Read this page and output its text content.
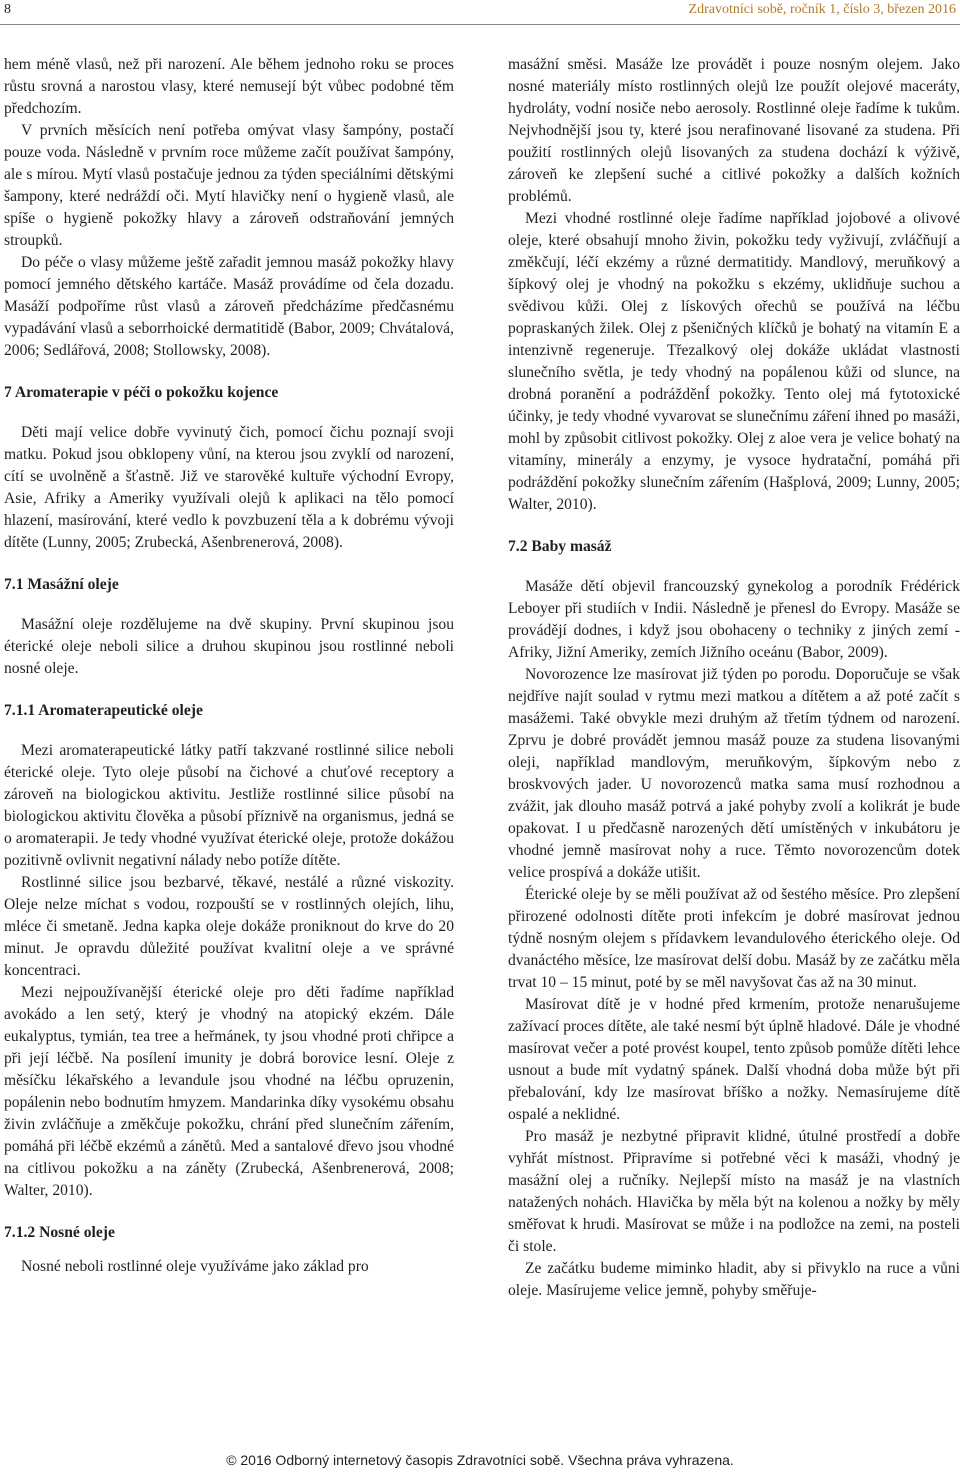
8	Zdravotníci sobě, ročník 1, číslo 3, březen 2016

hem méně vlasů, než při narození. Ale během jednoho roku se proces růstu srovná a narostou vlasy, které nemusejí být vůbec podobné těm předchozím.

V prvních měsících není potřeba omývat vlasy šampóny, postačí pouze voda. Následně v prvním roce můžeme začít používat šampóny, ale s mírou. Mytí vlasů postačuje jednou za týden speciálními dětskými šampony, které nedráždí oči. Mytí hlavičky není o hygieně vlasů, ale spíše o hygieně pokožky hlavy a zároveň odstraňování jemných stroupků.

Do péče o vlasy můžeme ještě zařadit jemnou masáž pokožky hlavy pomocí jemného dětského kartáče. Masáž provádíme od čela dozadu. Masáží podpoříme růst vlasů a zároveň předcházíme předčasnému vypadávání vlasů a seborrhoické dermatitidě (Babor, 2009; Chvátalová, 2006; Sedlářová, 2008; Stollowsky, 2008).

7 Aromaterapie v péči o pokožku kojence

Děti mají velice dobře vyvinutý čich, pomocí čichu poznají svoji matku. Pokud jsou obklopeny vůní, na kterou jsou zvyklí od narození, cítí se uvolněně a šťastně. Již ve starověké kultuře východní Evropy, Asie, Afriky a Ameriky využívali olejů k aplikaci na tělo pomocí hlazení, masírování, které vedlo k povzbuzení těla a k dobrému vývoji dítěte (Lunny, 2005; Zrubecká, Ašenbrenerová, 2008).

7.1 Masážní oleje

Masážní oleje rozdělujeme na dvě skupiny. První skupinou jsou éterické oleje neboli silice a druhou skupinou jsou rostlinné neboli nosné oleje.

7.1.1 Aromaterapeutické oleje

Mezi aromaterapeutické látky patří takzvané rostlinné silice neboli éterické oleje. Tyto oleje působí na čichové a chuťové receptory a zároveň na biologickou aktivitu. Jestliže rostlinné silice působí na biologickou aktivitu člověka a působí příznivě na organismus, jedná se o aromaterapii. Je tedy vhodné využívat éterické oleje, protože dokážou pozitivně ovlivnit negativní nálady nebo potíže dítěte.

Rostlinné silice jsou bezbarvé, těkavé, nestálé a různé viskozity. Oleje nelze míchat s vodou, rozpouští se v rostlinných olejích, lihu, mléce či smetaně. Jedna kapka oleje dokáže proniknout do krve do 20 minut. Je opravdu důležité používat kvalitní oleje a ve správné koncentraci.

Mezi nejpoužívanější éterické oleje pro děti řadíme například avokádo a len setý, který je vhodný na atopický ekzém. Dále eukalyptus, tymián, tea tree a heřmánek, ty jsou vhodné proti chřipce a při její léčbě. Na posílení imunity je dobrá borovice lesní. Oleje z měsíčku lékařského a levandule jsou vhodné na léčbu opruzenin, popálenin nebo bodnutím hmyzem. Mandarinka díky vysokému obsahu živin zvláčňuje a změkčuje pokožku, chrání před slunečním zářením, pomáhá při léčbě ekzémů a zánětů. Med a santalové dřevo jsou vhodné na citlivou pokožku a na záněty (Zrubecká, Ašenbrenerová, 2008; Walter, 2010).

7.1.2 Nosné oleje

Nosné neboli rostlinné oleje využíváme jako základ pro

masážní směsi. Masáže lze provádět i pouze nosným olejem. Jako nosné materiály místo rostlinných olejů lze použít olejové maceráty, hydroláty, vodní nosiče nebo aerosoly. Rostlinné oleje řadíme k tukům. Nejvhodnější jsou ty, které jsou nerafinované lisované za studena. Při použití rostlinných olejů lisovaných za studena dochází k výživě, zároveň ke zlepšení suché a citlivé pokožky a dalších kožních problémů.

Mezi vhodné rostlinné oleje řadíme například jojobové a olivové oleje, které obsahují mnoho živin, pokožku tedy vyživují, zvláčňují a změkčují, léčí ekzémy a různé dermatitidy. Mandlový, meruňkový a šípkový olej je vhodný na pokožku s ekzémy, uklidňuje suchou a svědivou kůži. Olej z lískových ořechů se používá na léčbu popraskaných žilek. Olej z pšeničných klíčků je bohatý na vitamín E a intenzivně regeneruje. Třezalkový olej dokáže ukládat vlastnosti slunečního světla, je tedy vhodný na popálenou kůži od slunce, na drobná poranění a podrážděnÍ pokožky. Tento olej má fytotoxické účinky, je tedy vhodné vyvarovat se slunečnímu záření ihned po masáži, mohl by způsobit citlivost pokožky. Olej z aloe vera je velice bohatý na vitamíny, minerály a enzymy, je vysoce hydratační, pomáhá při podráždění pokožky slunečním zářením (Hašplová, 2009; Lunny, 2005; Walter, 2010).

7.2 Baby masáž

Masáže dětí objevil francouzský gynekolog a porodník Frédérick Leboyer při studiích v Indii. Následně je přenesl do Evropy. Masáže se provádějí dodnes, i když jsou obohaceny o techniky z jiných zemí - Afriky, Jižní Ameriky, zemích Jižního oceánu (Babor, 2009).

Novorozence lze masírovat již týden po porodu. Doporučuje se však nejdříve najít soulad v rytmu mezi matkou a dítětem a až poté začít s masážemi. Také obvykle mezi druhým až třetím týdnem od narození. Zprvu je dobré provádět jemnou masáž pouze za studena lisovanými oleji, například mandlovým, meruňkovým, šípkovým nebo z broskvových jader. U novorozenců matka sama musí rozhodnou a zvážit, jak dlouho masáž potrvá a jaké pohyby zvolí a kolikrát je bude opakovat. I u předčasně narozených dětí umístěných v inkubátoru je vhodné jemně masírovat nohy a ruce. Těmto novorozencům dotek velice prospívá a dokáže utišit.

Éterické oleje by se měli používat až od šestého měsíce. Pro zlepšení přirozené odolnosti dítěte proti infekcím je dobré masírovat jednou týdně nosným olejem s přídavkem levandulového éterického oleje. Od dvanáctého měsíce, lze masírovat delší dobu. Masáž by ze začátku měla trvat 10 – 15 minut, poté by se měl navyšovat čas až na 30 minut.

Masírovat dítě je v hodné před krmením, protože nenarušujeme zažívací proces dítěte, ale také nesmí být úplně hladové. Dále je vhodné masírovat večer a poté provést koupel, tento způsob pomůže dítěti lehce usnout a bude mít vydatný spánek. Další vhodná doba může být při přebalování, kdy lze masírovat bříško a nožky. Nemasírujeme dítě ospalé a neklidné.

Pro masáž je nezbytné připravit klidné, útulné prostředí a dobře vyhřát místnost. Připravíme si potřebné věci k masáži, vhodný je masážní olej a ručníky. Nejlepší místo na masáž je na vlastních natažených nohách. Hlavička by měla být na kolenou a nožky by měly směřovat k hrudi. Masírovat se může i na podložce na zemi, na posteli či stole.

Ze začátku budeme miminko hladit, aby si přivyklo na ruce a vůni oleje. Masírujeme velice jemně, pohyby směřuje-

© 2016 Odborný internetový časopis Zdravotníci sobě. Všechna práva vyhrazena.
